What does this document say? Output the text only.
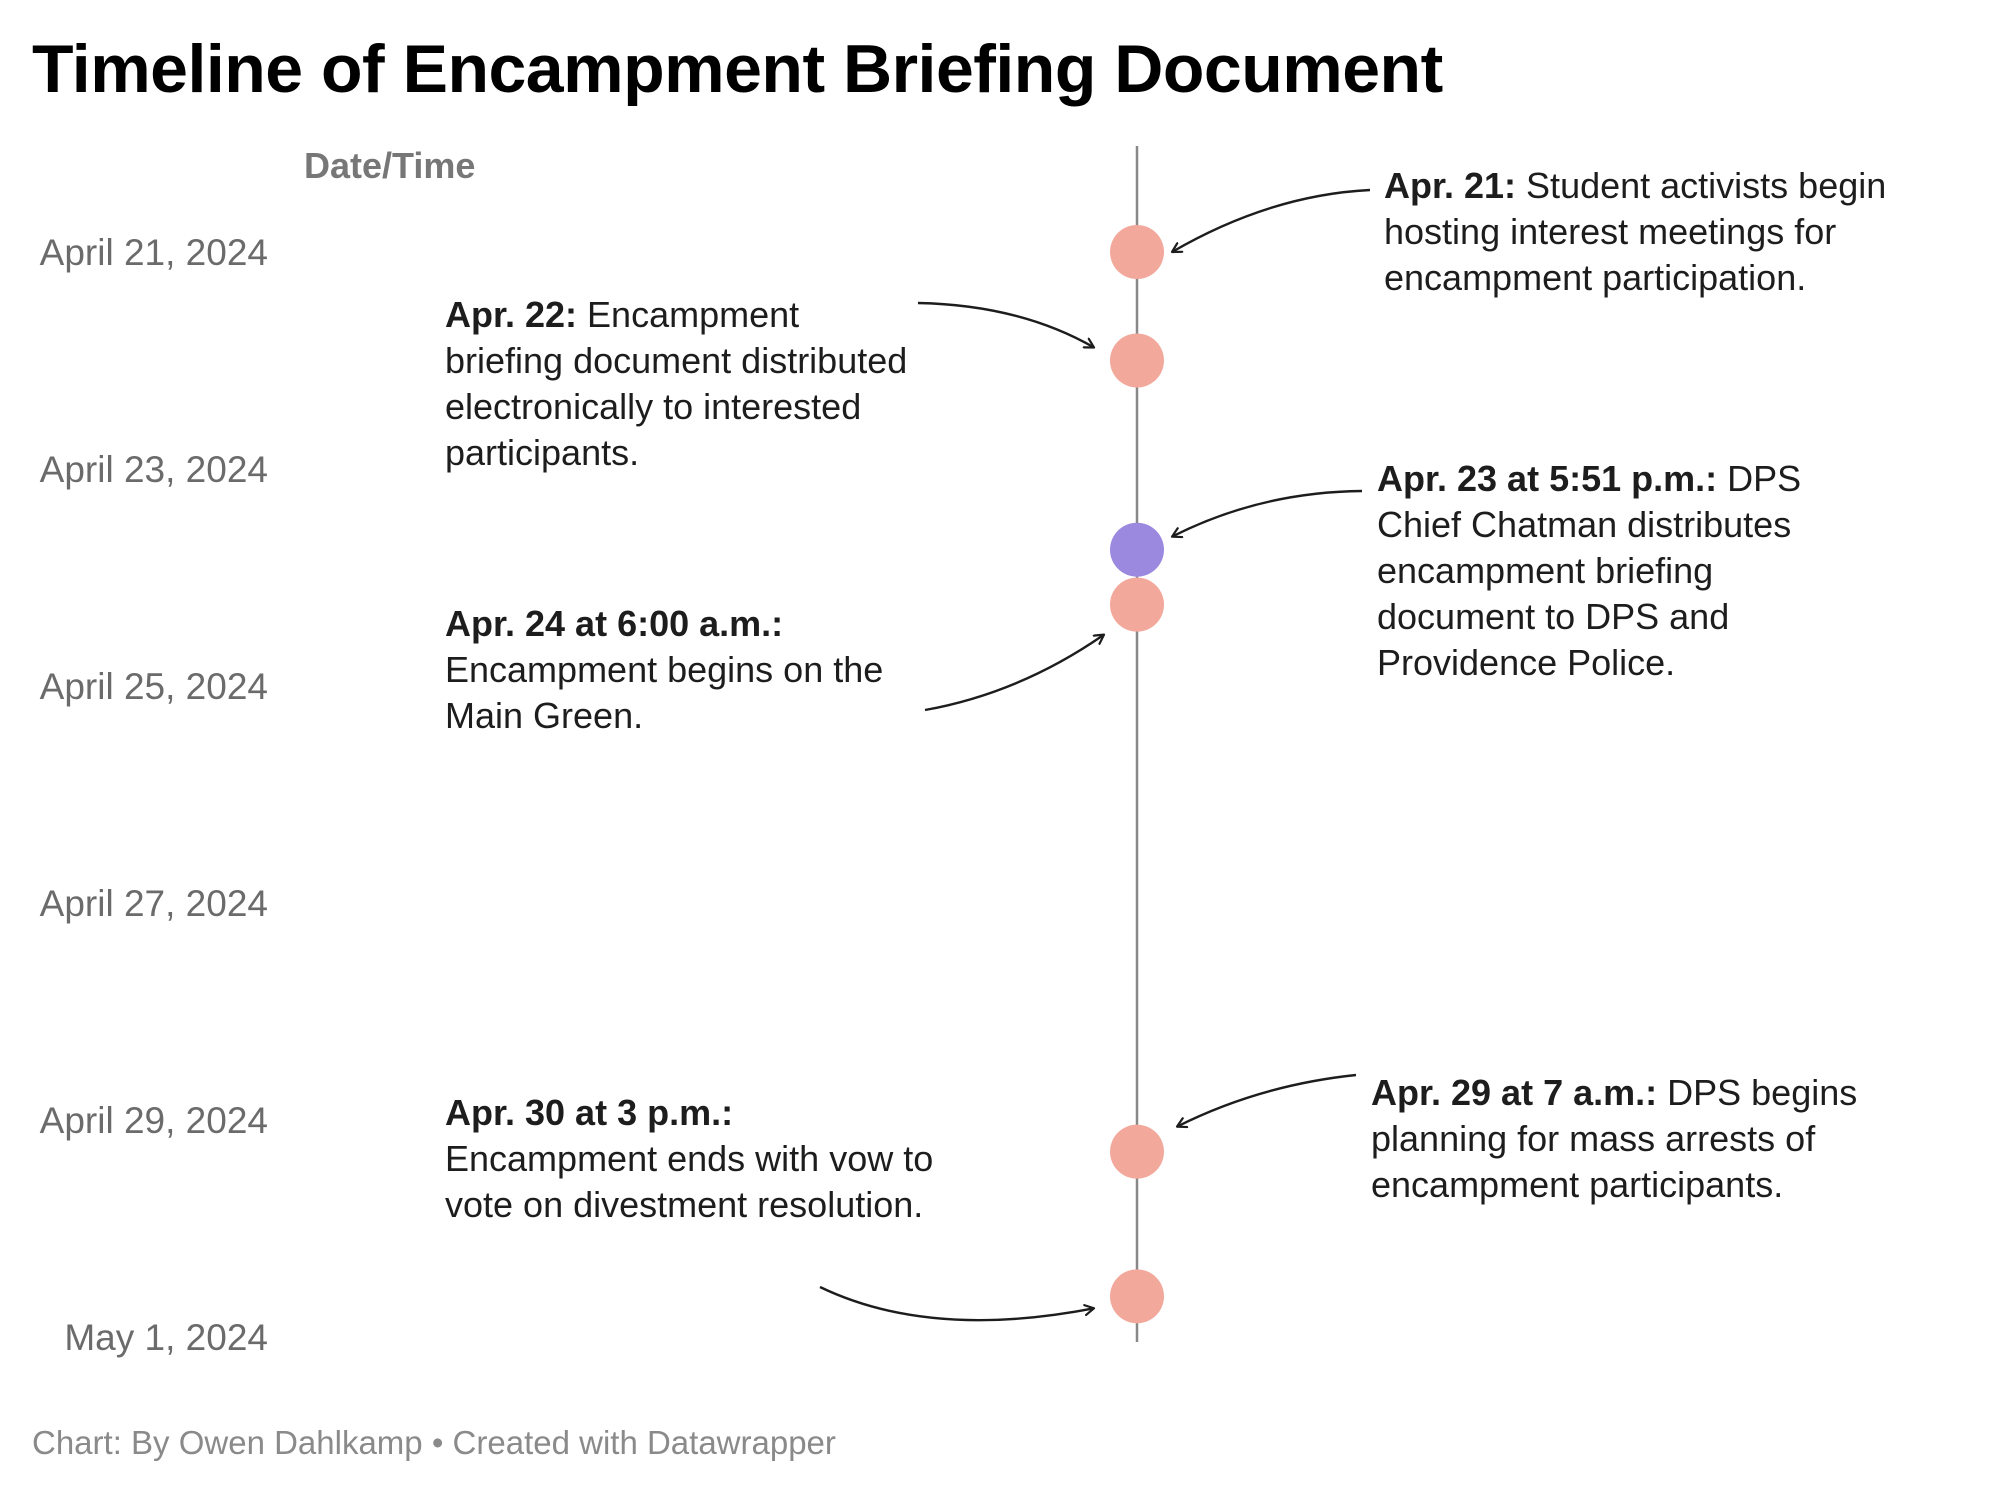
Timeline of Encampment Briefing Document
Date/Time
April 21, 2024
April 23, 2024
April 25, 2024
April 27, 2024
April 29, 2024
May 1, 2024
Apr. 21: Student activists begin hosting interest meetings for encampment participation.
Apr. 22: Encampment briefing document distributed electronically to interested participants.
Apr. 23 at 5:51 p.m.: DPS Chief Chatman distributes encampment briefing document to DPS and Providence Police.
Apr. 24 at 6:00 a.m.: Encampment begins on the Main Green.
Apr. 29 at 7 a.m.: DPS begins planning for mass arrests of encampment participants.
Apr. 30 at 3 p.m.: Encampment ends with vow to vote on divestment resolution.
Chart: By Owen Dahlkamp • Created with Datawrapper
